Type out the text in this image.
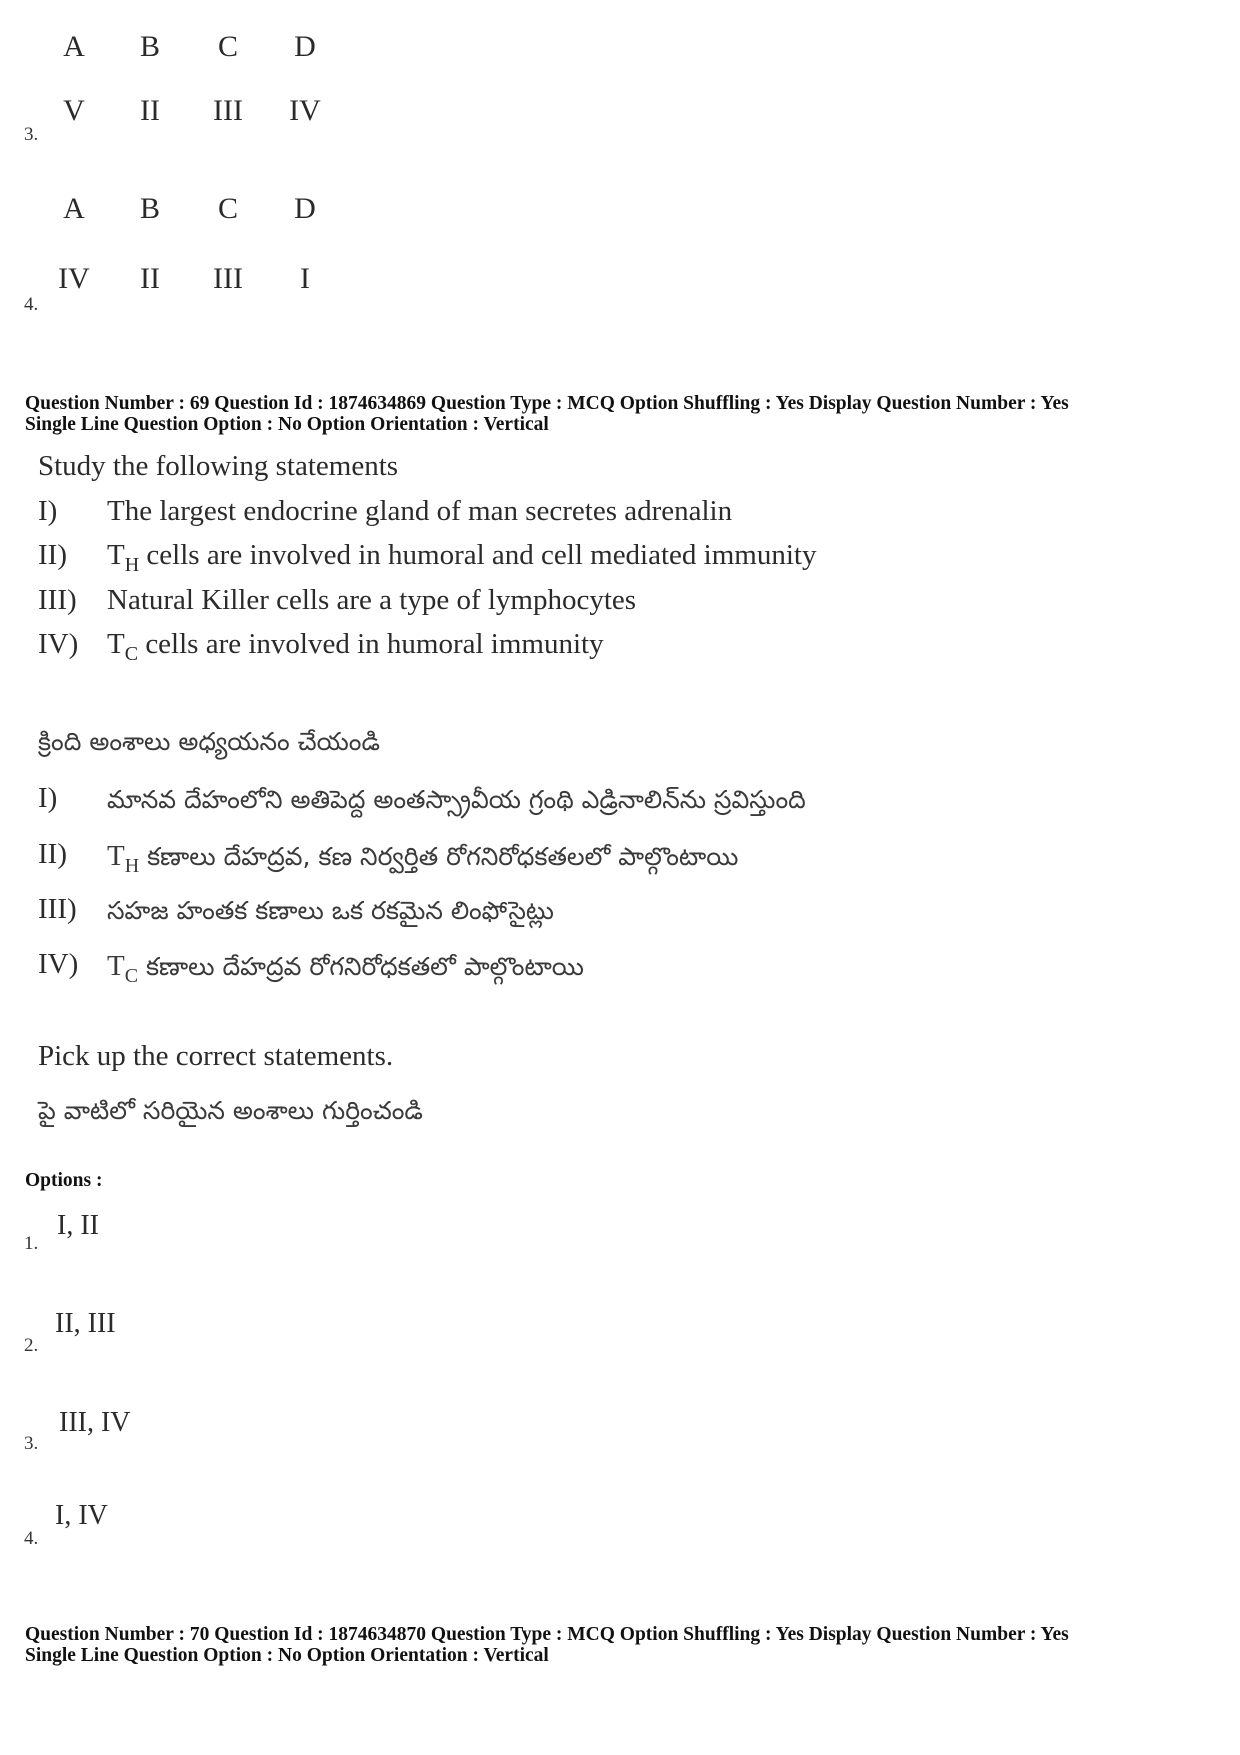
A	B	C	D
V	II	III	IV
3.
A	B	C	D
IV	II	III	I
4.
Question Number : 69 Question Id : 1874634869 Question Type : MCQ Option Shuffling : Yes Display Question Number : Yes
Single Line Question Option : No Option Orientation : Vertical
Study the following statements
I) The largest endocrine gland of man secretes adrenalin
II) $T_H$ cells are involved in humoral and cell mediated immunity
III) Natural Killer cells are a type of lymphocytes
IV) $T_C$ cells are involved in humoral immunity
క్రింది అంశాలు అధ్యయనం చేయండి
I) మానవ దేహంలోని అతిపెద్ద అంతస్స్రావీయ గ్రంథి ఎడ్రినాలిన్‌ను స్రవిస్తుంది
II) $T_H$ కణాలు దేహద్రవ, కణ నిర్వర్తిత రోగనిరోధకతలలో పాల్గొంటాయి
III) సహజ హంతక కణాలు ఒక రకమైన లింఫోసైట్లు
IV) $T_C$ కణాలు దేహద్రవ రోగనిరోధకతలో పాల్గొంటాయి
Pick up the correct statements.
పై వాటిలో సరియైన అంశాలు గుర్తించండి
Options :
I, II
1.
II, III
2.
III, IV
3.
I, IV
4.
Question Number : 70 Question Id : 1874634870 Question Type : MCQ Option Shuffling : Yes Display Question Number : Yes
Single Line Question Option : No Option Orientation : Vertical
